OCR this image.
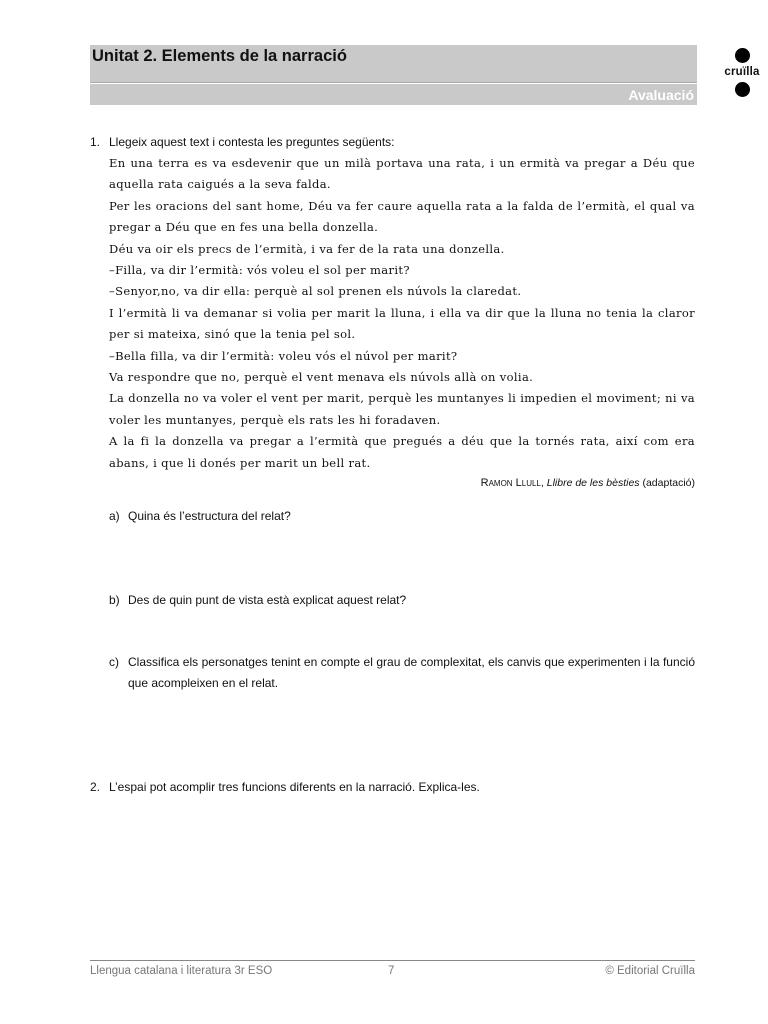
Unitat 2. Elements de la narració
Avaluació
cruïlla
1. Llegeix aquest text i contesta les preguntes següents:

En una terra es va esdevenir que un milà portava una rata, i un ermità va pregar a Déu que aquella rata caigués a la seva falda.

Per les oracions del sant home, Déu va fer caure aquella rata a la falda de l’ermità, el qual va pregar a Déu que en fes una bella donzella.

Déu va oir els precs de l’ermità, i va fer de la rata una donzella.

–Filla, va dir l’ermità: vós voleu el sol per marit?

–Senyor,no, va dir ella: perquè al sol prenen els núvols la claredat.

I l’ermità li va demanar si volia per marit la lluna, i ella va dir que la lluna no tenia la claror per si mateixa, sinó que la tenia pel sol.

–Bella filla, va dir l’ermità: voleu vós el núvol per marit?

Va respondre que no, perquè el vent menava els núvols allà on volia.

La donzella no va voler el vent per marit, perquè les muntanyes li impedien el moviment; ni va voler les muntanyes, perquè els rats les hi foradaven.

A la fi la donzella va pregar a l’ermità que pregués a déu que la tornés rata, així com era abans, i que li donés per marit un bell rat.

Ramon Llull, Llibre de les bèsties (adaptació)
a) Quina és l’estructura del relat?
b) Des de quin punt de vista està explicat aquest relat?
c) Classifica els personatges tenint en compte el grau de complexitat, els canvis que experimenten i la funció que acompleixen en el relat.
2. L’espai pot acomplir tres funcions diferents en la narració. Explica-les.
Llengua catalana i literatura 3r ESO	7	© Editorial Cruïlla
